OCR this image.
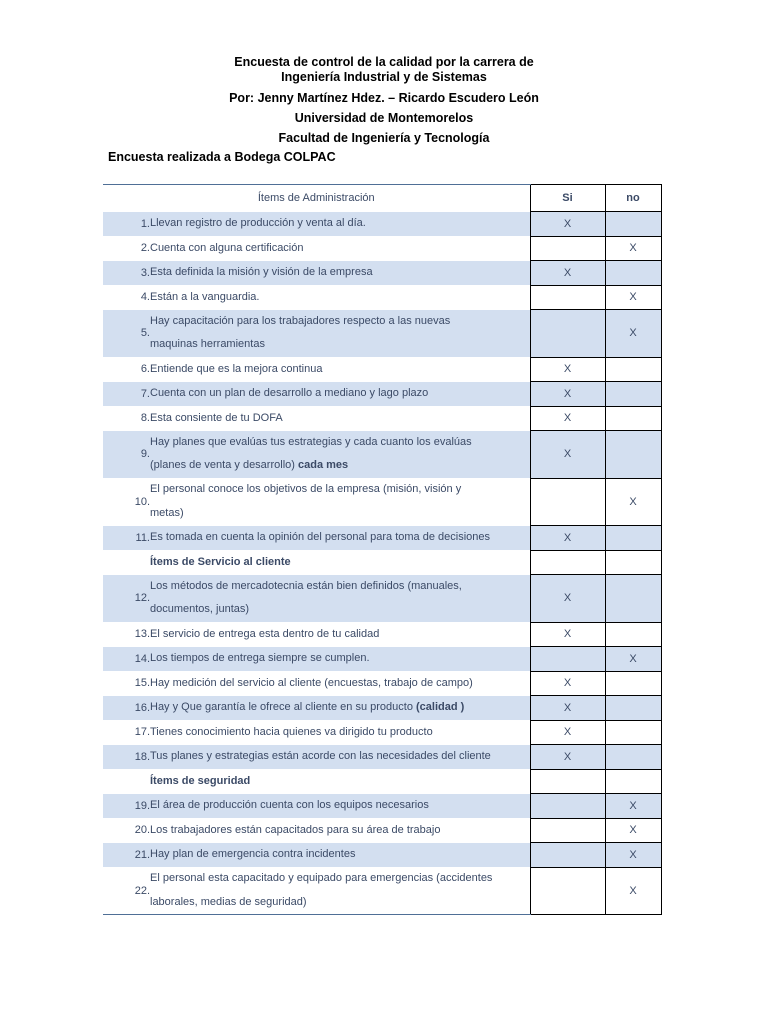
Encuesta de control de la calidad por la carrera de
Ingeniería Industrial y de Sistemas
Por: Jenny Martínez Hdez. – Ricardo Escudero León
Universidad de Montemorelos
Facultad de Ingeniería y Tecnología
Encuesta realizada a Bodega COLPAC
Ítems de Administración		Si	no
1.	Llevan registro de producción y venta al día.	X	
2.	Cuenta con alguna certificación		X
3.	Esta definida la misión y visión de la empresa	X	
4.	Están a la vanguardia.		X
5.	Hay capacitación para los trabajadores respecto a las nuevas
maquinas herramientas		X
6.	Entiende que es la mejora continua	X	
7.	Cuenta con un plan de desarrollo a mediano y lago plazo	X	
8.	Esta consiente de tu DOFA	X	
9.	Hay planes que evalúas tus estrategias y cada cuanto los evalúas
(planes de venta y desarrollo) cada mes	X	
10.	El personal conoce los objetivos de la empresa (misión, visión y
metas)		X
11.	Es tomada en cuenta la opinión del personal para toma de decisiones	X	
	Ítems de Servicio al cliente		
12.	Los métodos de mercadotecnia están bien definidos (manuales,
documentos, juntas)	X	
13.	El servicio de entrega esta dentro de tu calidad	X	
14.	Los tiempos de entrega siempre se cumplen.		X
15.	Hay medición del servicio al cliente (encuestas, trabajo de campo)	X	
16.	Hay y Que garantía le ofrece al cliente en su producto (calidad )	X	
17.	Tienes conocimiento hacia quienes va dirigido tu producto	X	
18.	Tus planes y estrategias están acorde con las necesidades del cliente	X	
	Ítems de seguridad		
19.	El área de producción cuenta con los equipos necesarios		X
20.	Los trabajadores están capacitados para su área de trabajo		X
21.	Hay plan de emergencia contra incidentes		X
22.	El personal esta capacitado y equipado para emergencias (accidentes
laborales, medias de seguridad)		X
